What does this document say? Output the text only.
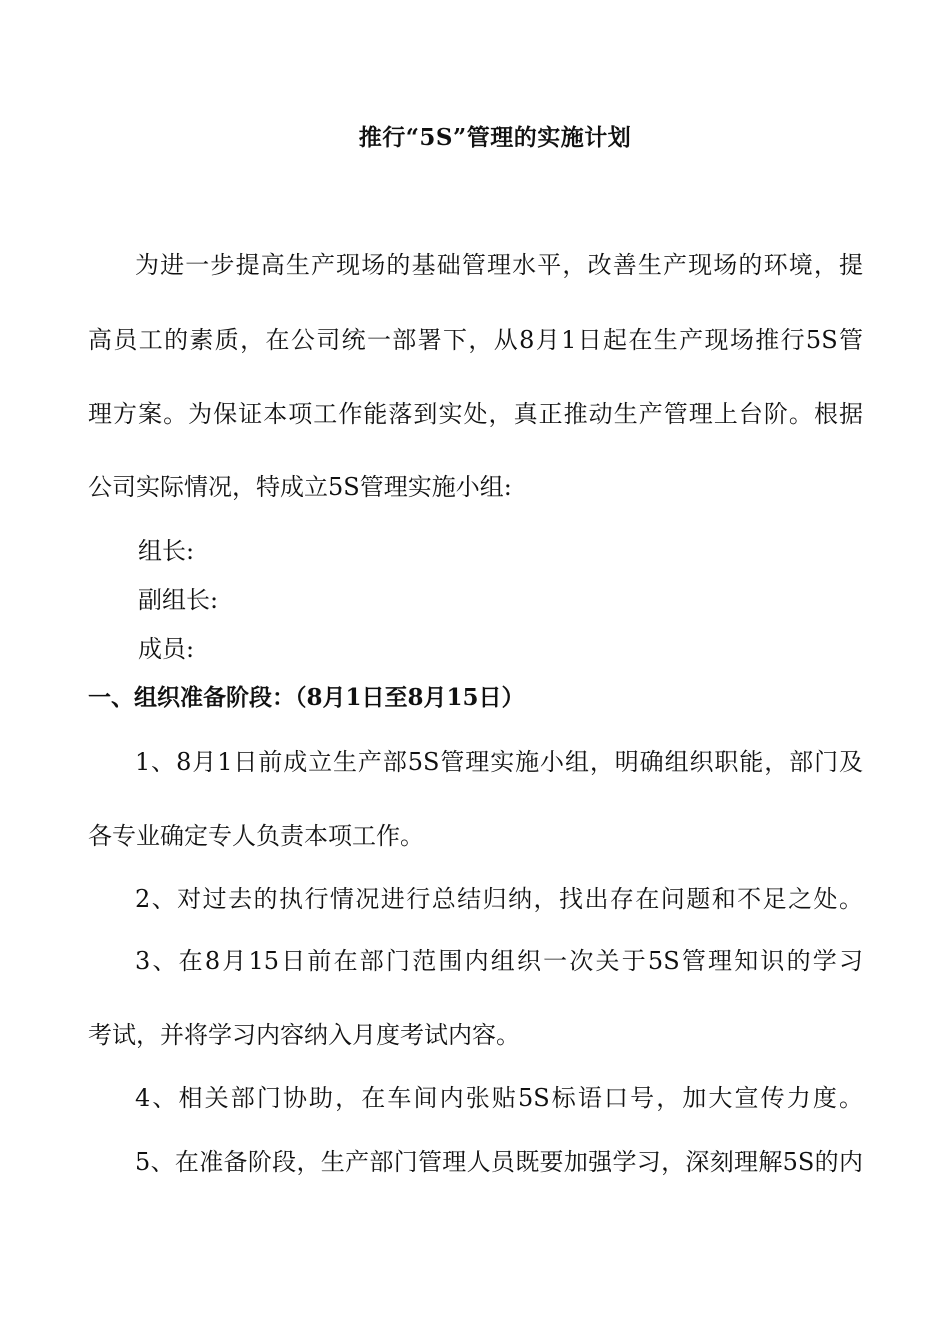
推行“5S”管理的实施计划
为进一步提高生产现场的基础管理水平，改善生产现场的环境，提
高员工的素质，在公司统一部署下，从8月1日起在生产现场推行5S管
理方案。为保证本项工作能落到实处，真正推动生产管理上台阶。根据
公司实际情况，特成立5S管理实施小组:
组长:
副组长:
成员:
一、组织准备阶段：（8月1日至8月15日）
1、8月1日前成立生产部5S管理实施小组，明确组织职能，部门及
各专业确定专人负责本项工作。
2、对过去的执行情况进行总结归纳，找出存在问题和不足之处。
3、在8月15日前在部门范围内组织一次关于5S管理知识的学习
考试，并将学习内容纳入月度考试内容。
4、相关部门协助，在车间内张贴5S标语口号，加大宣传力度。
5、在准备阶段，生产部门管理人员既要加强学习，深刻理解5S的内
